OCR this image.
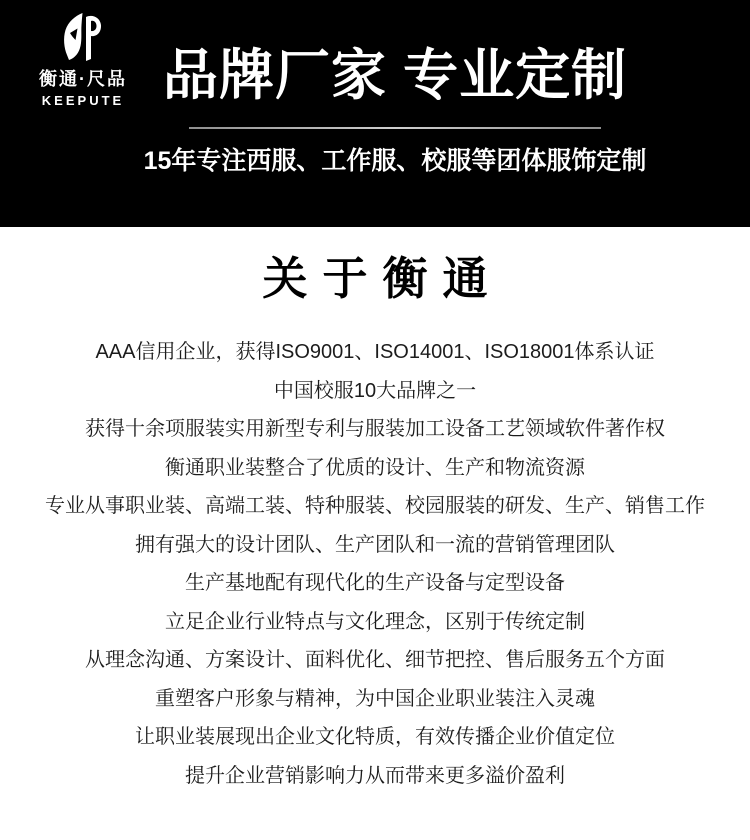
衡通·尺品
KEEPUTE 品牌厂家 专业定制
15年专注西服、工作服、校服等团体服饰定制
关于衡通

AAA信用企业，获得ISO9001、ISO14001、ISO18001体系认证

中国校服10大品牌之一

获得十余项服装实用新型专利与服装加工设备工艺领域软件著作权

衡通职业装整合了优质的设计、生产和物流资源

专业从事职业装、高端工装、特种服装、校园服装的研发、生产、销售工作

拥有强大的设计团队、生产团队和一流的营销管理团队

生产基地配有现代化的生产设备与定型设备

立足企业行业特点与文化理念，区别于传统定制

从理念沟通、方案设计、面料优化、细节把控、售后服务五个方面

重塑客户形象与精神，为中国企业职业装注入灵魂

让职业装展现出企业文化特质，有效传播企业价值定位

提升企业营销影响力从而带来更多溢价盈利
